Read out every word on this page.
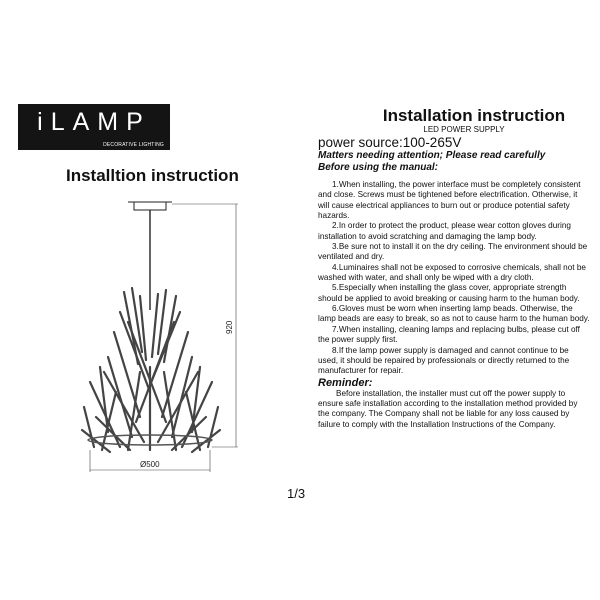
iLAMP
DECORATIVE LIGHTING
Installtion instruction
920
Ø500
Installation instruction
LED POWER SUPPLY
power source:100-265V
Matters needing attention; Please read carefully
Before using the manual:

1.When installing, the power interface must be completely consistent and close. Screws must be tightened before electrification. Otherwise, it will cause electrical appliances to burn out or produce potential safety hazards.

2.In order to protect the product, please wear cotton gloves during installation to avoid scratching and damaging the lamp body.

3.Be sure not to install it on the dry ceiling. The environment should be ventilated and dry.

4.Luminaires shall not be exposed to corrosive chemicals, shall not be washed with water, and shall only be wiped with a dry cloth.

5.Especially when installing the glass cover, appropriate strength should be applied to avoid breaking or causing harm to the human body.

6.Gloves must be worn when inserting lamp beads. Otherwise, the lamp beads are easy to break, so as not to cause harm to the human body.

7.When installing, cleaning lamps and replacing bulbs, please cut off the power supply first.

8.If the lamp power supply is damaged and cannot continue to be used, it should be repaired by professionals or directly returned to the manufacturer for repair.

Reminder:
Before installation, the installer must cut off the power supply to ensure safe installation according to the installation method provided by the company. The Company shall not be liable for any loss caused by failure to comply with the Installation Instructions of the Company.
1/3
